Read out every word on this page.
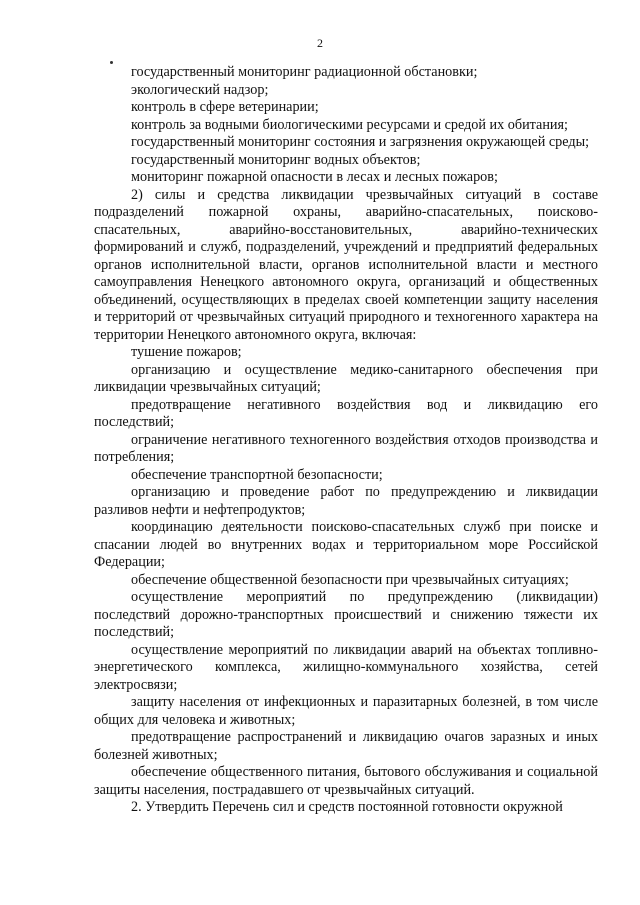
2

государственный мониторинг радиационной обстановки;

экологический надзор;

контроль в сфере ветеринарии;

контроль за водными биологическими ресурсами и средой их обитания;

государственный мониторинг состояния и загрязнения окружающей среды;

государственный мониторинг водных объектов;

мониторинг пожарной опасности в лесах и лесных пожаров;

2) силы и средства ликвидации чрезвычайных ситуаций в составе подразделений пожарной охраны, аварийно-спасательных, поисково-спасательных, аварийно-восстановительных, аварийно-технических формирований и служб, подразделений, учреждений и предприятий федеральных органов исполнительной власти, органов исполнительной власти и местного самоуправления Ненецкого автономного округа, организаций и общественных объединений, осуществляющих в пределах своей компетенции защиту населения и территорий от чрезвычайных ситуаций природного и техногенного характера на территории Ненецкого автономного округа, включая:

тушение пожаров;

организацию и осуществление медико-санитарного обеспечения при ликвидации чрезвычайных ситуаций;

предотвращение негативного воздействия вод и ликвидацию его последствий;

ограничение негативного техногенного воздействия отходов производства и потребления;

обеспечение транспортной безопасности;

организацию и проведение работ по предупреждению и ликвидации разливов нефти и нефтепродуктов;

координацию деятельности поисково-спасательных служб при поиске и спасании людей во внутренних водах и территориальном море Российской Федерации;

обеспечение общественной безопасности при чрезвычайных ситуациях;

осуществление мероприятий по предупреждению (ликвидации) последствий дорожно-транспортных происшествий и снижению тяжести их последствий;

осуществление мероприятий по ликвидации аварий на объектах топливно-энергетического комплекса, жилищно-коммунального хозяйства, сетей электросвязи;

защиту населения от инфекционных и паразитарных болезней, в том числе общих для человека и животных;

предотвращение распространений и ликвидацию очагов заразных и иных болезней животных;

обеспечение общественного питания, бытового обслуживания и социальной защиты населения, пострадавшего от чрезвычайных ситуаций.

2. Утвердить Перечень сил и средств постоянной готовности окружной
